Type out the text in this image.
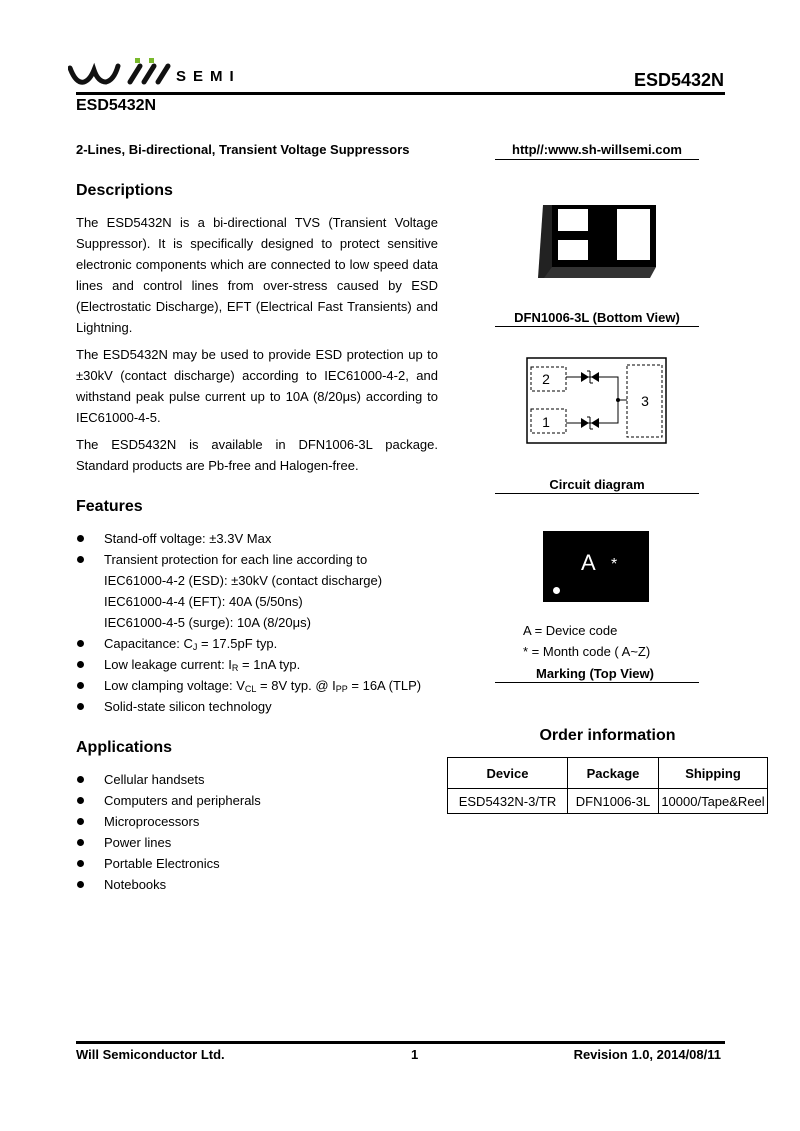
SEMI	ESD5432N
ESD5432N
2-Lines, Bi-directional, Transient Voltage Suppressors	http//:www.sh-willsemi.com
DFN1006-3L (Bottom View)
2
1
3
Circuit diagram
A *
A = Device code
* = Month code ( A~Z)
Marking (Top View)
Order information
Device	Package	Shipping
ESD5432N-3/TR	DFN1006-3L	10000/Tape&Reel
Descriptions

The ESD5432N is a bi-directional TVS (Transient Voltage Suppressor). It is specifically designed to protect sensitive electronic components which are connected to low speed data lines and control lines from over-stress caused by ESD (Electrostatic Discharge), EFT (Electrical Fast Transients) and Lightning.

The ESD5432N may be used to provide ESD protection up to ±30kV (contact discharge) according to IEC61000-4-2, and withstand peak pulse current up to 10A (8/20μs) according to IEC61000-4-5.

The ESD5432N is available in DFN1006-3L package. Standard products are Pb-free and Halogen-free.

Features
Stand-off voltage: ±3.3V Max
Transient protection for each line according to
IEC61000-4-2 (ESD): ±30kV (contact discharge)
IEC61000-4-4 (EFT): 40A (5/50ns)
IEC61000-4-5 (surge): 10A (8/20μs)
Capacitance: $C_J = 17.5pF$ typ.
Low leakage current: $I_R = 1nA$ typ.
Low clamping voltage: $V_{CL} = 8V$ typ. @ $I_{PP} = 16A$ (TLP)
Solid-state silicon technology
Applications
Cellular handsets
Computers and peripherals
Microprocessors
Power lines
Portable Electronics
Notebooks
Will Semiconductor Ltd.	1	Revision 1.0, 2014/08/11
